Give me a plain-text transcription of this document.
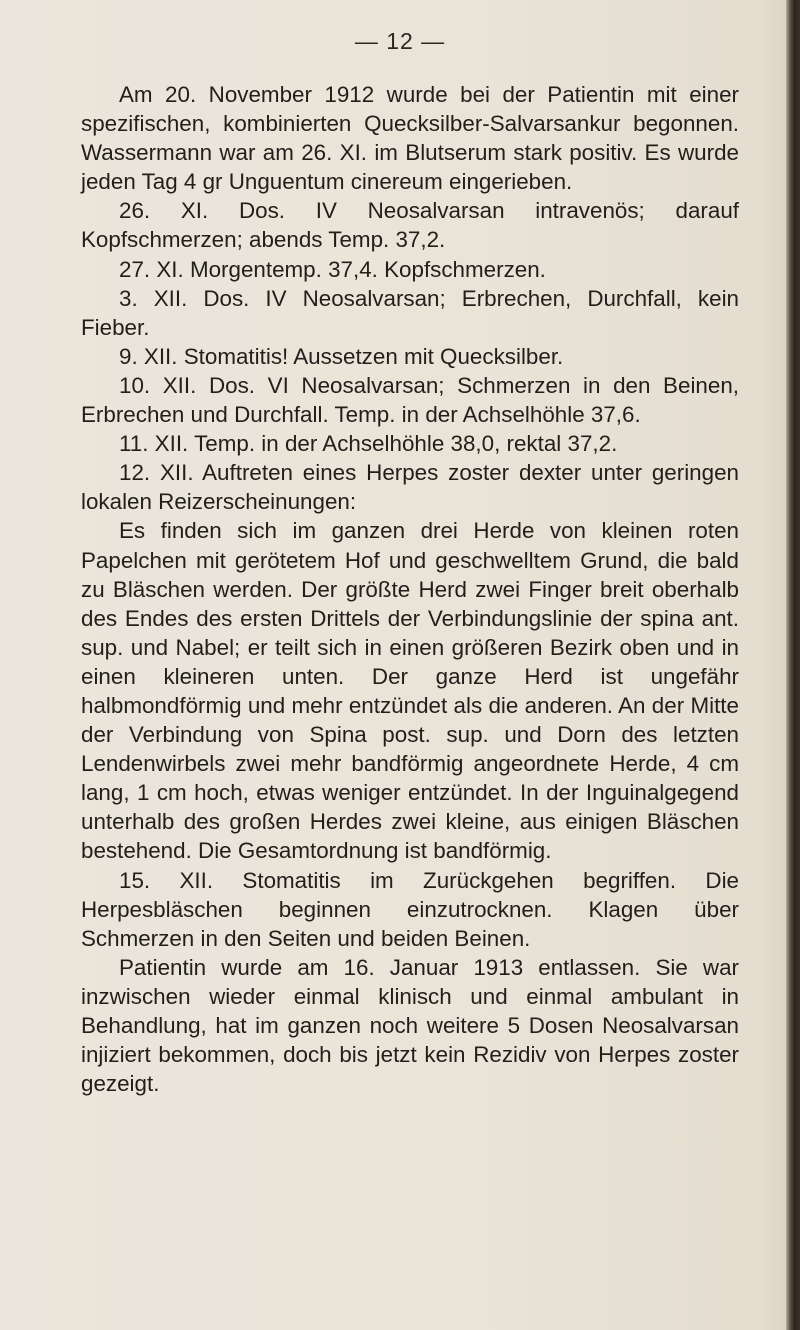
— 12 —

Am 20. November 1912 wurde bei der Patientin mit einer spezifischen, kombinierten Quecksilber-Salvarsankur begonnen. Wassermann war am 26. XI. im Blutserum stark positiv. Es wurde jeden Tag 4 gr Unguentum cinereum eingerieben.

26. XI. Dos. IV Neosalvarsan intravenös; darauf Kopfschmerzen; abends Temp. 37,2.

27. XI. Morgentemp. 37,4. Kopfschmerzen.

3. XII. Dos. IV Neosalvarsan; Erbrechen, Durchfall, kein Fieber.

9. XII. Stomatitis! Aussetzen mit Quecksilber.

10. XII. Dos. VI Neosalvarsan; Schmerzen in den Beinen, Erbrechen und Durchfall. Temp. in der Achselhöhle 37,6.

11. XII. Temp. in der Achselhöhle 38,0, rektal 37,2.

12. XII. Auftreten eines Herpes zoster dexter unter geringen lokalen Reizerscheinungen:

Es finden sich im ganzen drei Herde von kleinen roten Papelchen mit gerötetem Hof und geschwelltem Grund, die bald zu Bläschen werden. Der größte Herd zwei Finger breit oberhalb des Endes des ersten Drittels der Verbindungslinie der spina ant. sup. und Nabel; er teilt sich in einen größeren Bezirk oben und in einen kleineren unten. Der ganze Herd ist ungefähr halbmondförmig und mehr entzündet als die anderen. An der Mitte der Verbindung von Spina post. sup. und Dorn des letzten Lendenwirbels zwei mehr bandförmig angeordnete Herde, 4 cm lang, 1 cm hoch, etwas weniger entzündet. In der Inguinalgegend unterhalb des großen Herdes zwei kleine, aus einigen Bläschen bestehend. Die Gesamtordnung ist bandförmig.

15. XII. Stomatitis im Zurückgehen begriffen. Die Herpesbläschen beginnen einzutrocknen. Klagen über Schmerzen in den Seiten und beiden Beinen.

Patientin wurde am 16. Januar 1913 entlassen. Sie war inzwischen wieder einmal klinisch und einmal ambulant in Behandlung, hat im ganzen noch weitere 5 Dosen Neosalvarsan injiziert bekommen, doch bis jetzt kein Rezidiv von Herpes zoster gezeigt.
